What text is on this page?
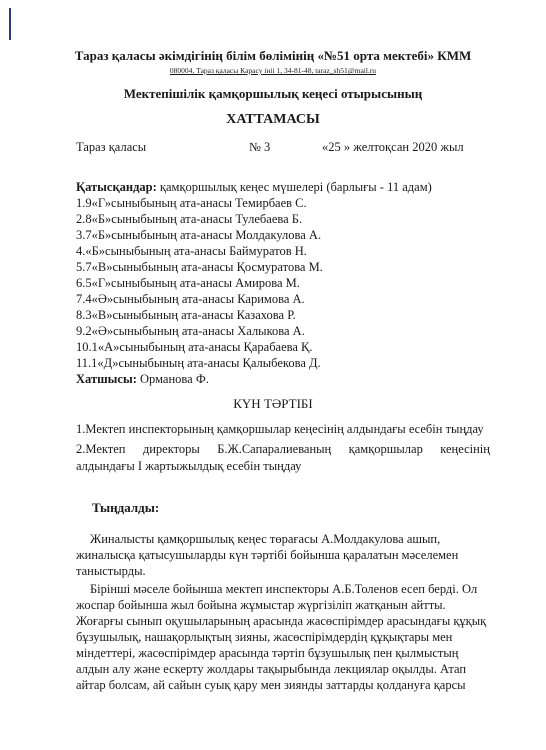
Тараз қаласы әкімдігінің білім бөлімінің «№51 орта мектебі» КММ
080004, Тараз қаласы Карасу ініі 1, 34-81-48, taraz_sh51@mail.ru
Мектепішілік қамқоршылық кеңесі отырысының
ХАТТАМАСЫ
Тараз қаласы	№ 3	«25 » желтоқсан 2020 жыл
Қатысқандар: қамқоршылық кеңес мүшелері (барлығы - 11 адам)
1.9«Г»сыныбының ата-анасы Темирбаев С.
2.8«Б»сыныбының ата-анасы Тулебаева Б.
3.7«Б»сыныбының ата-анасы Молдакулова А.
4.«Б»сыныбының ата-анасы Баймуратов Н.
5.7«В»сыныбының ата-анасы Қосмуратова М.
6.5«Г»сыныбының ата-анасы Амирова М.
7.4«Ә»сыныбының ата-анасы Каримова А.
8.3«В»сыныбының ата-анасы Казахова Р.
9.2«Ә»сыныбының ата-анасы Халыкова А.
10.1«А»сыныбының ата-анасы Қарабаева Қ.
11.1«Д»сыныбының ата-анасы Қалыбекова Д.
Хатшысы: Орманова Ф.
КҮН ТӘРТІБІ
1.Мектеп инспекторының қамқоршылар кеңесінің алдындағы есебін тыңдау
2.Мектеп директоры Б.Ж.Сапаралиеваның қамқоршылар кеңесінің
алдындағы І жартыжылдық есебін тыңдау
Тыңдалды:
Жиналысты қамқоршылық кеңес төрағасы А.Молдакулова ашып,
жиналысқа қатысушыларды күн тәртібі бойынша қаралатын мәселемен
таныстырды.
Бірінші мәселе бойынша мектеп инспекторы А.Б.Толенов есеп берді. Ол
жоспар бойынша жыл бойына жұмыстар жүргізіліп жатқанын айтты.
Жоғарғы сынып оқушыларының арасында жасөспірімдер арасындағы құқық
бұзушылық, нашақорлықтың зияны, жасөспірімдердің құқықтары мен
міндеттері, жасөспірімдер арасында тәртіп бұзушылық пен қылмыстың
алдын алу және ескерту жолдары тақырыбында лекциялар оқылды. Атап
айтар болсам, ай сайын суық қару мен зиянды заттарды қолдануға қарсы
